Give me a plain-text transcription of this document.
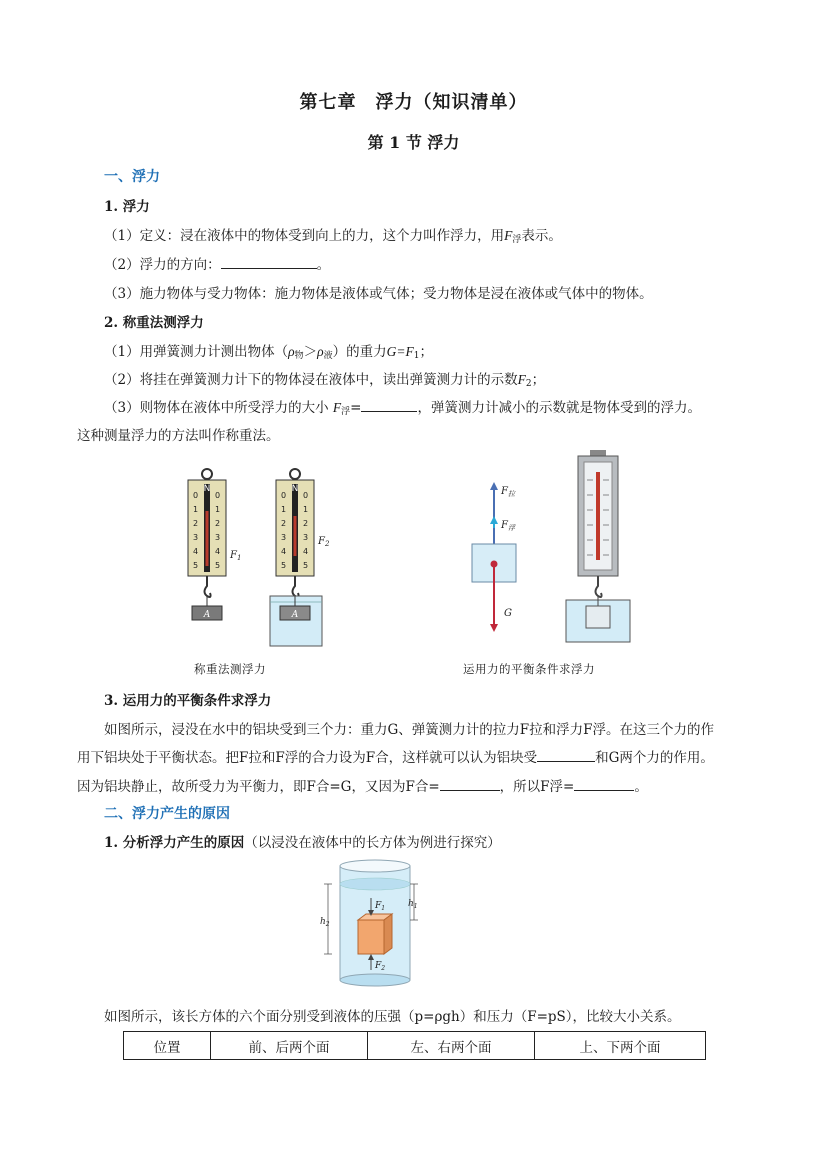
第七章　浮力（知识清单）
第 1 节 浮力
一、浮力
1. 浮力
（1）定义：浸在液体中的物体受到向上的力，这个力叫作浮力，用$F_浮$表示。
（2）浮力的方向：	。
（3）施力物体与受力物体：施力物体是液体或气体；受力物体是浸在液体或气体中的物体。
2. 称重法测浮力
（1）用弹簧测力计测出物体$(\rho_物>\rho_液)$的重力$G=F_1$；
（2）将挂在弹簧测力计下的物体浸在液体中，读出弹簧测力计的示数$F_2$；
（3）则物体在液体中所受浮力的大小 $F_浮=$	，弹簧测力计减小的示数就是物体受到的浮力。
这种测量浮力的方法叫作称重法。
N
0 0
1 1
2 2
3 3
4 4
5 5
A
$F_1$
N
0 0
1 1
2 2
3 3
4 4
5 5
A
$F_2$
$F_拉$
$F_浮$
G
称重法测浮力	运用力的平衡条件求浮力
3. 运用力的平衡条件求浮力
如图所示，浸没在水中的铝块受到三个力：重力G、弹簧测力计的拉力F拉和浮力F浮。在这三个力的作
用下铝块处于平衡状态。把F拉和F浮的合力设为F合，这样就可以认为铝块受	和G两个力的作用。
因为铝块静止，故所受力为平衡力，即F合=G，又因为F合=	，所以F浮=	。
二、浮力产生的原因
1. 分析浮力产生的原因（以浸没在液体中的长方体为例进行探究）
$h_2$
$h_1$
$F_1$
$F_2$
如图所示，该长方体的六个面分别受到液体的压强（p=ρgh）和压力（F=pS），比较大小关系。
位置	前、后两个面	左、右两个面	上、下两个面
